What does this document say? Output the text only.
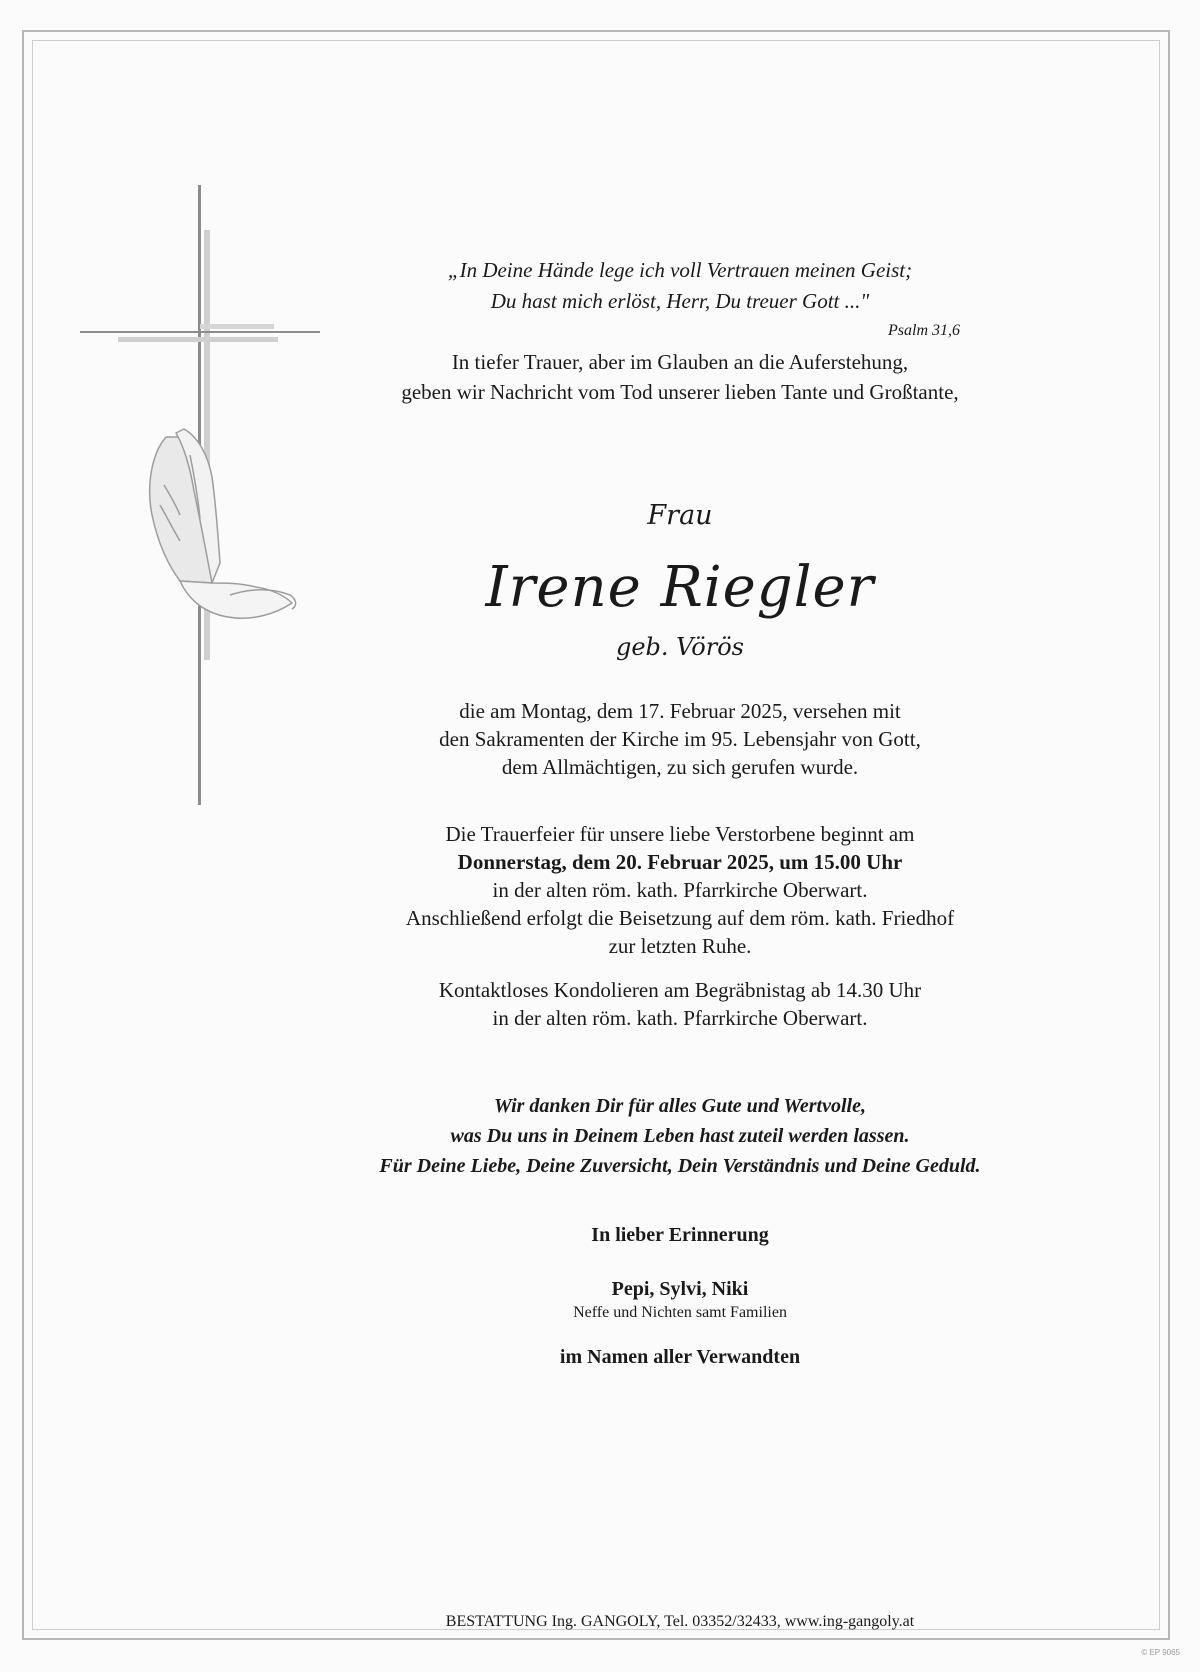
„In Deine Hände lege ich voll Vertrauen meinen Geist;
Du hast mich erlöst, Herr, Du treuer Gott ..."
Psalm 31,6
In tiefer Trauer, aber im Glauben an die Auferstehung,
geben wir Nachricht vom Tod unserer lieben Tante und Großtante,
Frau
Irene Riegler
geb. Vörös
die am Montag, dem 17. Februar 2025, versehen mit
den Sakramenten der Kirche im 95. Lebensjahr von Gott,
dem Allmächtigen, zu sich gerufen wurde.
Die Trauerfeier für unsere liebe Verstorbene beginnt am
Donnerstag, dem 20. Februar 2025, um 15.00 Uhr
in der alten röm. kath. Pfarrkirche Oberwart.
Anschließend erfolgt die Beisetzung auf dem röm. kath. Friedhof
zur letzten Ruhe.
Kontaktloses Kondolieren am Begräbnistag ab 14.30 Uhr
in der alten röm. kath. Pfarrkirche Oberwart.
Wir danken Dir für alles Gute und Wertvolle,
was Du uns in Deinem Leben hast zuteil werden lassen.
Für Deine Liebe, Deine Zuversicht, Dein Verständnis und Deine Geduld.
In lieber Erinnerung
Pepi, Sylvi, Niki
Neffe und Nichten samt Familien
im Namen aller Verwandten
BESTATTUNG Ing. GANGOLY, Tel. 03352/32433, www.ing-gangoly.at
© EP 9065
